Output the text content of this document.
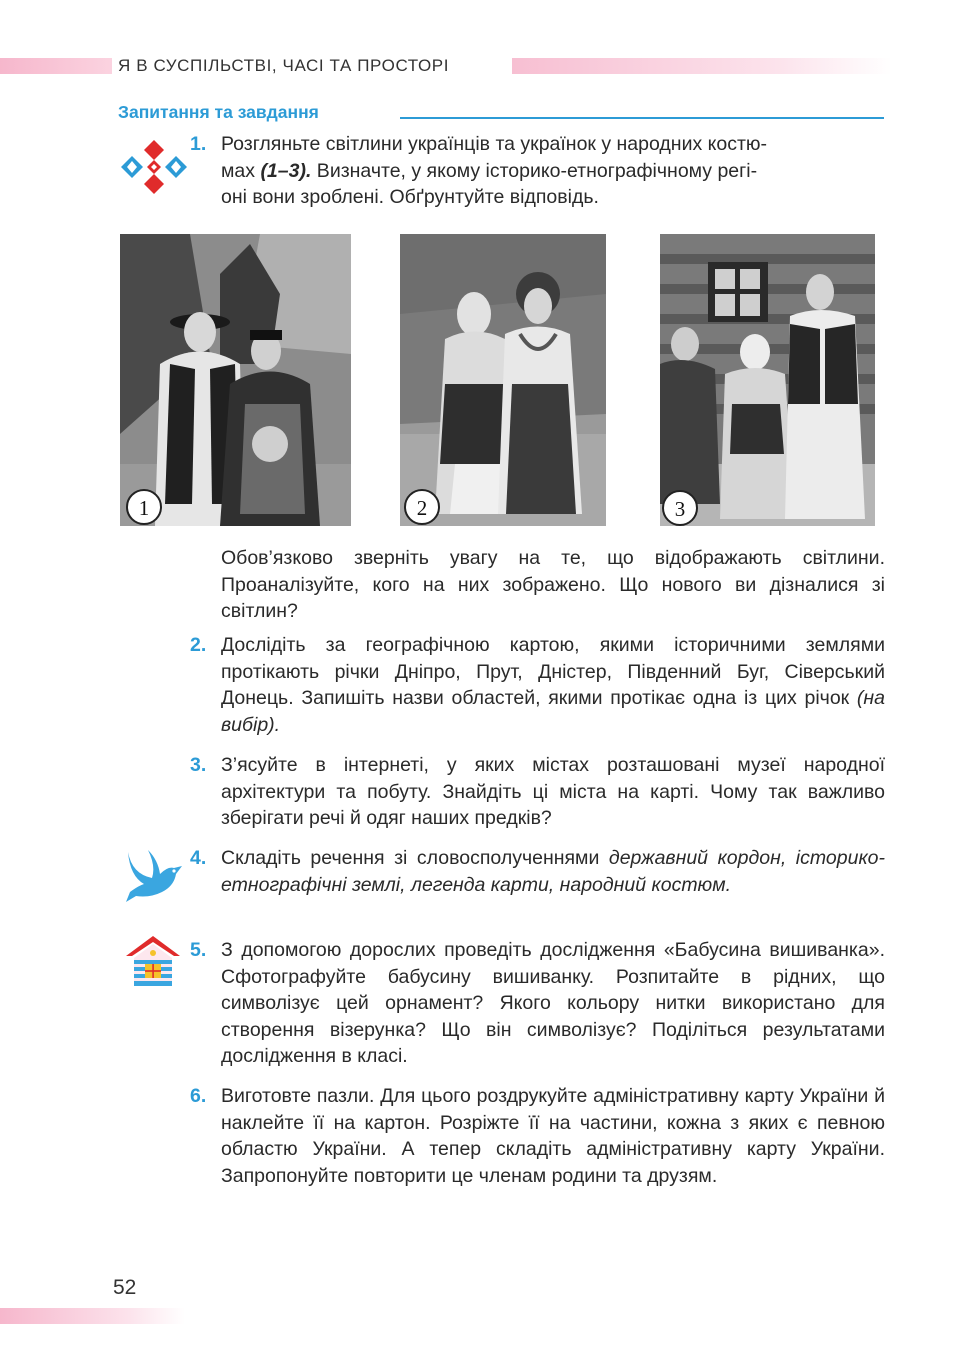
Я В СУСПІЛЬСТВІ, ЧАСІ ТА ПРОСТОРІ
Запитання та завдання
1. Розгляньте світлини українців та українок у народних костю-
мах (1–3). Визначте, у якому історико-етнографічному регі-
оні вони зроблені. Обґрунтуйте відповідь.
1	2	3
Обов’язково зверніть увагу на те, що відображають світлини. Проаналізуйте, кого на них зображено. Що нового ви дізналися зі світлин?
2. Дослідіть за географічною картою, якими історичними землями протікають річки Дніпро, Прут, Дністер, Південний Буг, Сіверський Донець. Запишіть назви областей, якими протікає одна із цих річок (на вибір).
3. З’ясуйте в інтернеті, у яких містах розташовані музеї народної архітектури та побуту. Знайдіть ці міста на карті. Чому так важливо зберігати речі й одяг наших предків?
4. Складіть речення зі словосполученнями державний кордон, історико-етнографічні землі, легенда карти, народний костюм.
5. З допомогою дорослих проведіть дослідження «Бабусина вишиванка». Сфотографуйте бабусину вишиванку. Розпитайте в рідних, що символізує цей орнамент? Якого кольору нитки використано для створення візерунка? Що він символізує? Поділіться результатами дослідження в класі.
6. Виготовте пазли. Для цього роздрукуйте адміністративну карту України й наклейте її на картон. Розріжте її на частини, кожна з яких є певною областю України. А тепер складіть адміністративну карту України. Запропонуйте повторити це членам родини та друзям.
52
